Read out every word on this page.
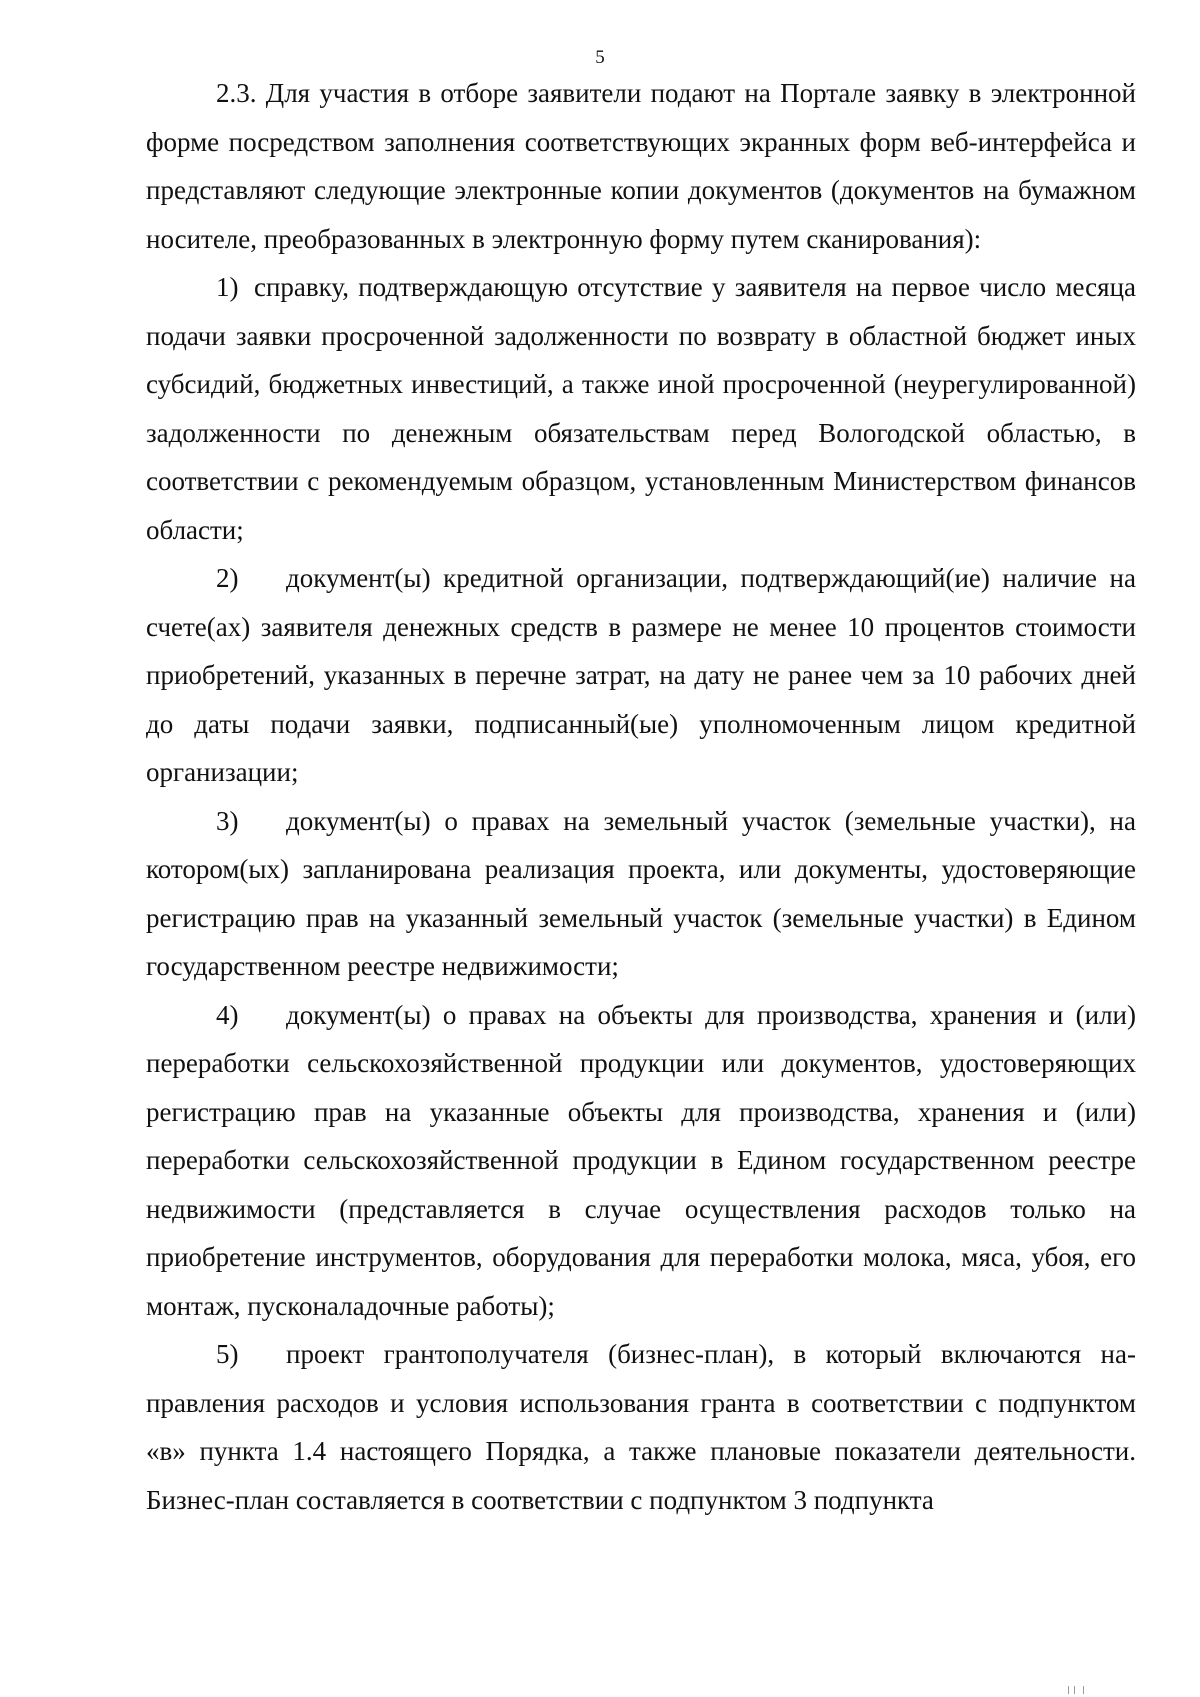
5

2.3. Для участия в отборе заявители подают на Портале заявку в электронной форме посредством заполнения соответствующих экранных форм веб-интерфейса и представляют следующие электронные копии документов (документов на бумажном носителе, преобразованных в электронную форму путем сканирования):

1) справку, подтверждающую отсутствие у заявителя на первое число месяца подачи заявки просроченной задолженности по возврату в областной бюджет иных субсидий, бюджетных инвестиций, а также иной просроченной (неурегулированной) задолженности по денежным обязательствам перед Вологодской областью, в соответствии с рекомендуемым образцом, установленным Министерством финансов области;

2) документ(ы) кредитной организации, подтверждающий(ие) наличие на счете(ах) заявителя денежных средств в размере не менее 10 процентов стоимости приобретений, указанных в перечне затрат, на дату не ранее чем за 10 рабочих дней до даты подачи заявки, подписанный(ые) уполномоченным лицом кредитной организации;

3) документ(ы) о правах на земельный участок (земельные участки), на котором(ых) запланирована реализация проекта, или документы, удостоверяющие регистрацию прав на указанный земельный участок (земельные участки) в Едином государственном реестре недвижимости;

4) документ(ы) о правах на объекты для производства, хранения и (или) переработки сельскохозяйственной продукции или документов, удостоверяющих регистрацию прав на указанные объекты для производства, хранения и (или) переработки сельскохозяйственной продукции в Едином государственном реестре недвижимости (представляется в случае осуществления расходов только на приобретение инструментов, оборудования для переработки молока, мяса, убоя, его монтаж, пусконаладочные работы);

5) проект грантополучателя (бизнес-план), в который включаются направления расходов и условия использования гранта в соответствии с подпунктом «в» пункта 1.4 настоящего Порядка, а также плановые показатели деятельности. Бизнес-план составляется в соответствии с подпунктом 3 подпункта
